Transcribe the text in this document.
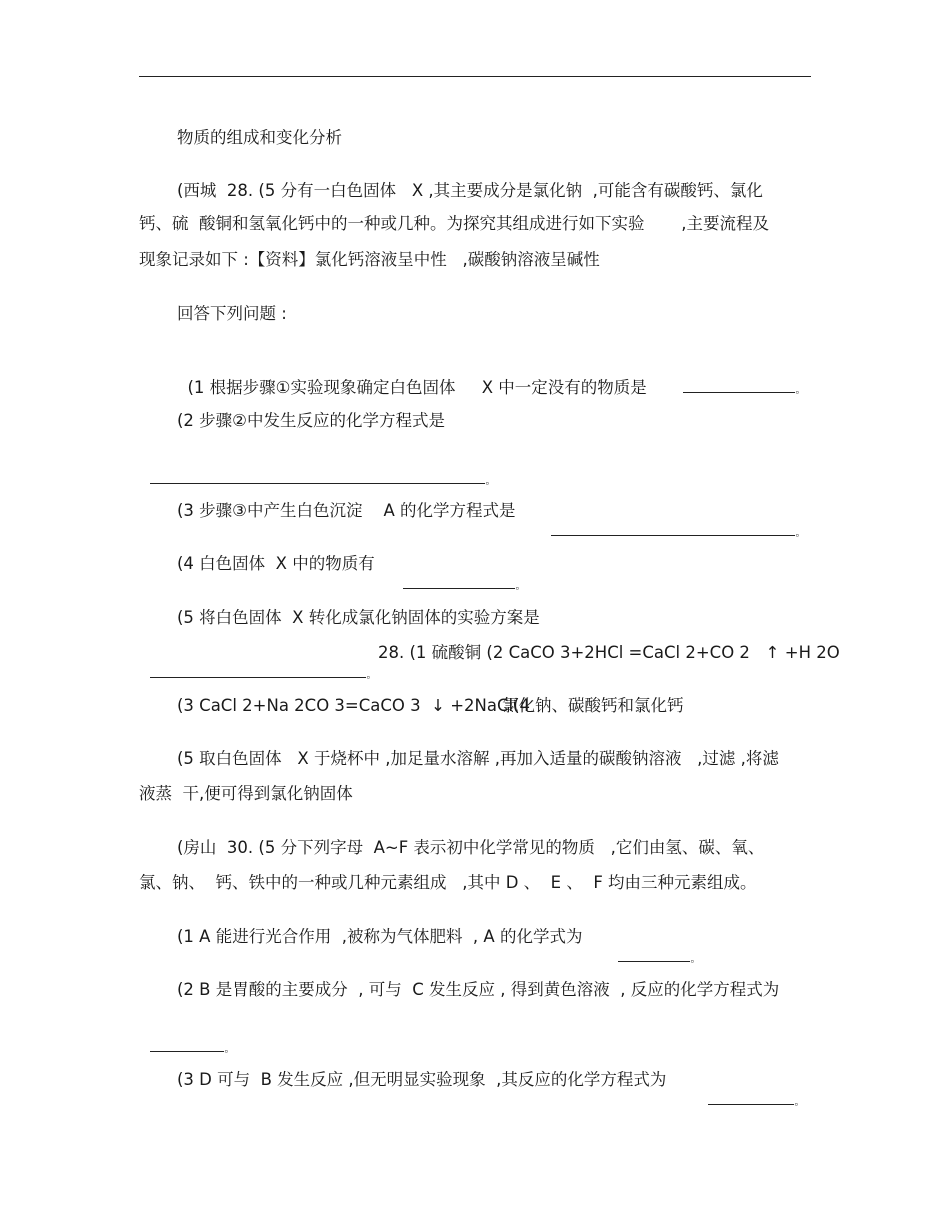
物质的组成和变化分析
(西城  28. (5 分有一白色固体   X ,其主要成分是氯化钠  ,可能含有碳酸钙、氯化
钙、硫  酸铜和氢氧化钙中的一种或几种。为探究其组成进行如下实验       ,主要流程及
现象记录如下 :【资料】氯化钙溶液呈中性   ,碳酸钠溶液呈碱性
回答下列问题 :

(1 根据步骤①实验现象确定白色固体     X 中一定没有的物质是	。

(2 步骤②中发生反应的化学方程式是

。

(3 步骤③中产生白色沉淀    A 的化学方程式是

。

(4 白色固体  X 中的物质有

。

(5 将白色固体  X 转化成氯化钠固体的实验方案是

。

28. (1 硫酸铜 (2 CaCO 3+2HCl =CaCl 2+CO 2   ↑ +H 2O
(3 CaCl 2+Na 2CO 3=CaCO 3  ↓ +2NaCl(4
氯化钠、碳酸钙和氯化钙
(5 取白色固体   X 于烧杯中 ,加足量水溶解 ,再加入适量的碳酸钠溶液   ,过滤 ,将滤
液蒸  干,便可得到氯化钠固体
(房山  30. (5 分下列字母  A~F 表示初中化学常见的物质   ,它们由氢、碳、氧、
氯、钠、  钙、铁中的一种或几种元素组成   ,其中 D 、  E 、  F 均由三种元素组成。
(1 A 能进行光合作用  ,被称为气体肥料  , A 的化学式为

。

(2 B 是胃酸的主要成分  , 可与  C 发生反应 , 得到黄色溶液  , 反应的化学方程式为

。

(3 D 可与  B 发生反应 ,但无明显实验现象  ,其反应的化学方程式为

。
